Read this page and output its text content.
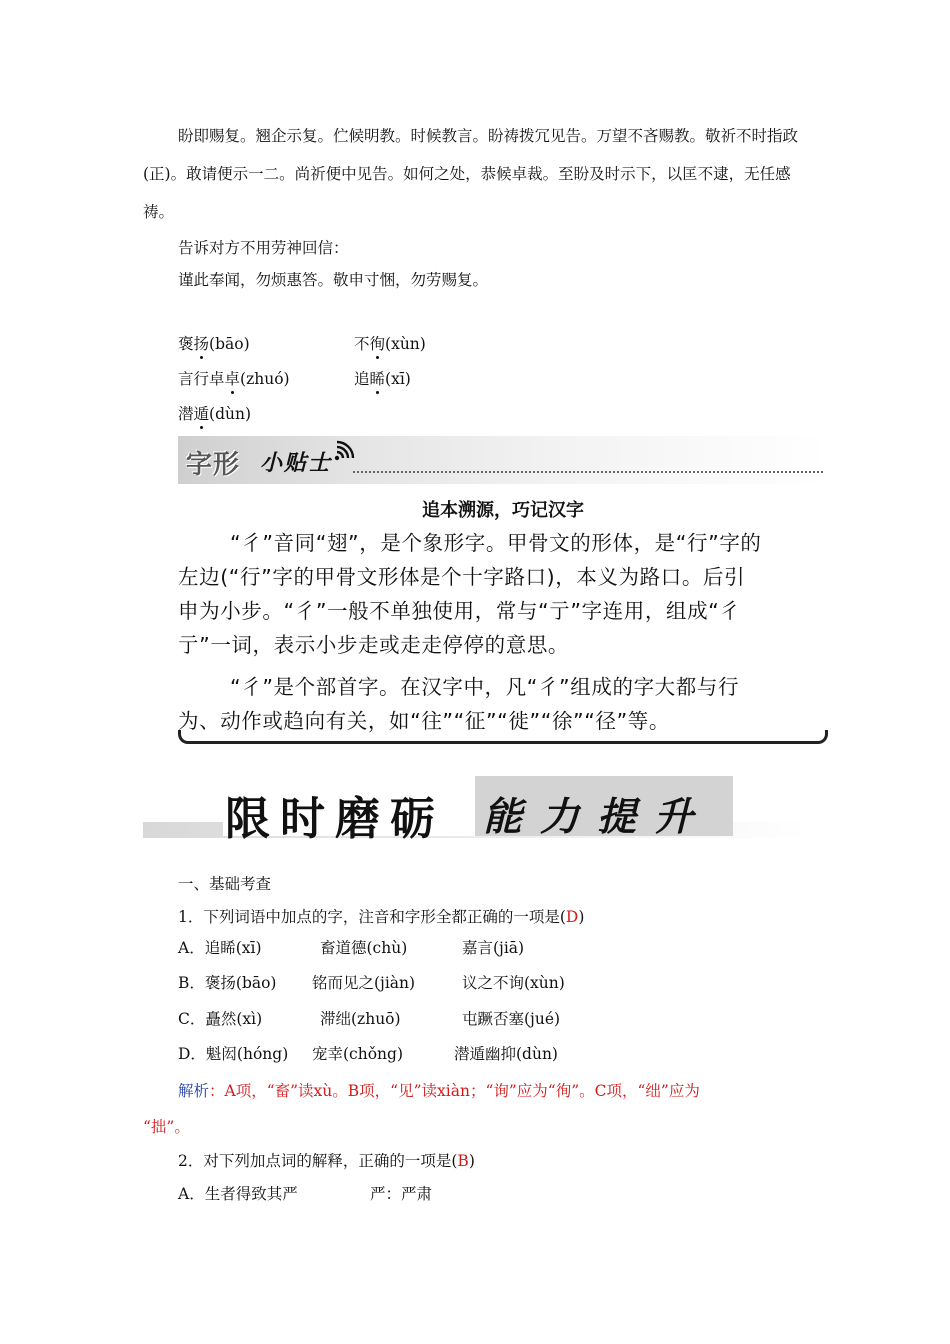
盼即赐复。翘企示复。伫候明教。时候教言。盼祷拨冗见告。万望不吝赐教。敬祈不时指政
(正)。敢请便示一二。尚祈便中见告。如何之处，恭候卓裁。至盼及时示下，以匡不逮，无任感
祷。
告诉对方不用劳神回信：
谨此奉闻，勿烦惠答。敬申寸悃，勿劳赐复。
褒扬(bāo)	不徇(xùn)
言行卓卓(zhuó)	追睎(xī)
潜遁(dùn)
字形 小贴士
追本溯源，巧记汉字
“彳”音同“翅”，是个象形字。甲骨文的形体，是“行”字的
左边(“行”字的甲骨文形体是个十字路口)，本义为路口。后引
申为小步。“彳”一般不单独使用，常与“亍”字连用，组成“彳
亍”一词，表示小步走或走走停停的意思。
“彳”是个部首字。在汉字中，凡“彳”组成的字大都与行
为、动作或趋向有关，如“往”“征”“徙”“徐”“径”等。
限时磨砺 能力提升
一、基础考查
1．下列词语中加点的字，注音和字形全都正确的一项是(D)
A．追睎(xī)	畜道德(chù)	嘉言(jiā)
B．褒扬(bāo) 铭而见之(jiàn)	议之不询(xùn)
C．矗然(xì)	滞绌(zhuō)	屯蹶否塞(jué)
D．魁闳(hóng) 宠幸(chǒng)	潜遁幽抑(dùn)
解析：A项，“畜”读xù。B项，“见”读xiàn；“询”应为“徇”。C项，“绌”应为
“拙”。
2．对下列加点词的解释，正确的一项是(B)
A．生者得致其严	严：严肃
